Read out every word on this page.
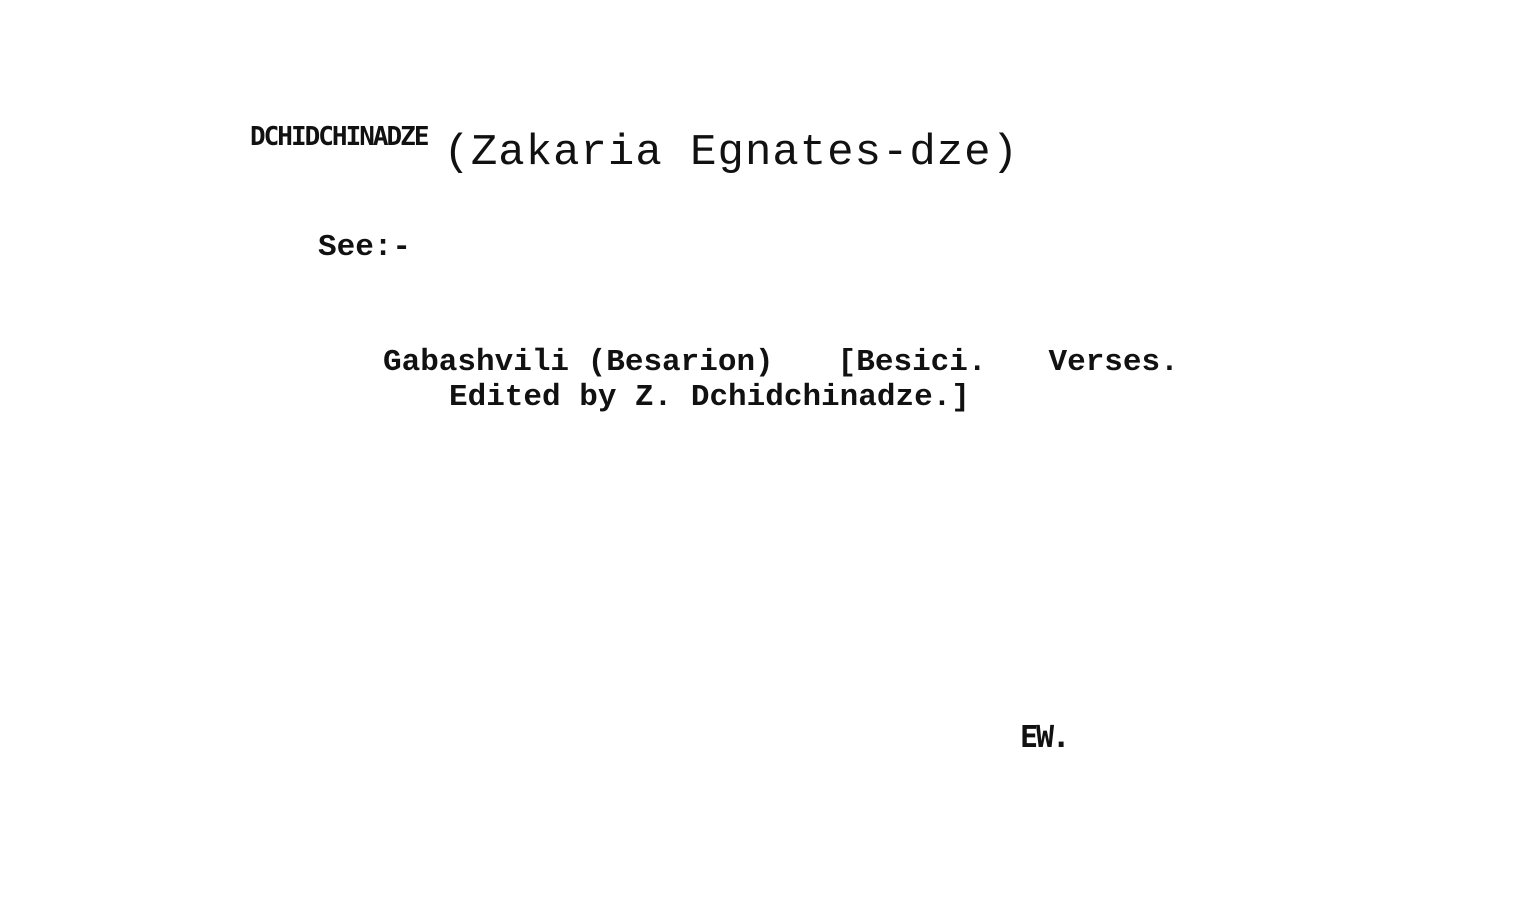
DCHIDCHINADZE (Zakaria Egnates-dze)
See:-
Gabashvili (Besarion) [Besici. Verses.
Edited by Z. Dchidchinadze.]
EW.
